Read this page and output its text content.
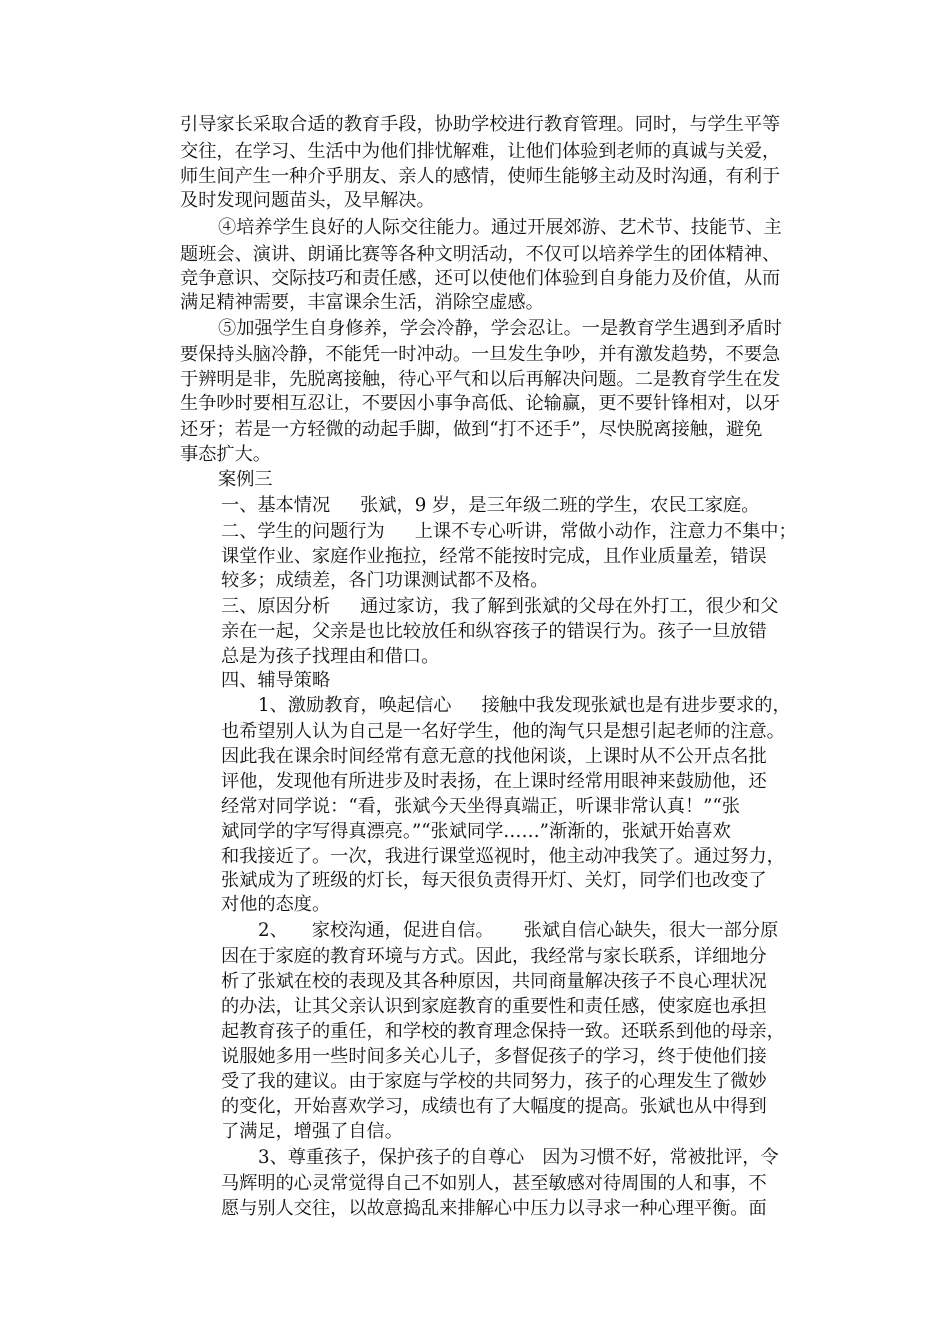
引导家长采取合适的教育手段，协助学校进行教育管理。同时，与学生平等
交往，在学习、生活中为他们排忧解难，让他们体验到老师的真诚与关爱，
师生间产生一种介乎朋友、亲人的感情，使师生能够主动及时沟通，有利于
及时发现问题苗头，及早解决。
④培养学生良好的人际交往能力。通过开展郊游、艺术节、技能节、主
题班会、演讲、朗诵比赛等各种文明活动，不仅可以培养学生的团体精神、
竞争意识、交际技巧和责任感，还可以使他们体验到自身能力及价值，从而
满足精神需要，丰富课余生活，消除空虚感。
⑤加强学生自身修养，学会冷静，学会忍让。一是教育学生遇到矛盾时
要保持头脑冷静，不能凭一时冲动。一旦发生争吵，并有激发趋势，不要急
于辨明是非，先脱离接触，待心平气和以后再解决问题。二是教育学生在发
生争吵时要相互忍让，不要因小事争高低、论输赢，更不要针锋相对，以牙
还牙；若是一方轻微的动起手脚，做到“打不还手”，尽快脱离接触，避免
事态扩大。
案例三
一、基本情况 张斌，9 岁，是三年级二班的学生，农民工家庭。
二、学生的问题行为 上课不专心听讲，常做小动作，注意力不集中；
课堂作业、家庭作业拖拉，经常不能按时完成，且作业质量差，错误
较多；成绩差，各门功课测试都不及格。
三、原因分析 通过家访，我了解到张斌的父母在外打工，很少和父
亲在一起，父亲是也比较放任和纵容孩子的错误行为。孩子一旦放错
总是为孩子找理由和借口。
四、辅导策略
1、激励教育，唤起信心 接触中我发现张斌也是有进步要求的，
也希望别人认为自己是一名好学生，他的淘气只是想引起老师的注意。
因此我在课余时间经常有意无意的找他闲谈，上课时从不公开点名批
评他，发现他有所进步及时表扬，在上课时经常用眼神来鼓励他，还
经常对同学说：“看，张斌今天坐得真端正，听课非常认真！”“张
斌同学的字写得真漂亮。”“张斌同学……”渐渐的，张斌开始喜欢
和我接近了。一次，我进行课堂巡视时，他主动冲我笑了。通过努力，
张斌成为了班级的灯长，每天很负责得开灯、关灯，同学们也改变了
对他的态度。
2、 家校沟通，促进自信。 张斌自信心缺失，很大一部分原
因在于家庭的教育环境与方式。因此，我经常与家长联系，详细地分
析了张斌在校的表现及其各种原因，共同商量解决孩子不良心理状况
的办法，让其父亲认识到家庭教育的重要性和责任感，使家庭也承担
起教育孩子的重任，和学校的教育理念保持一致。还联系到他的母亲，
说服她多用一些时间多关心儿子，多督促孩子的学习，终于使他们接
受了我的建议。由于家庭与学校的共同努力，孩子的心理发生了微妙
的变化，开始喜欢学习，成绩也有了大幅度的提高。张斌也从中得到
了满足，增强了自信。
3、尊重孩子，保护孩子的自尊心 因为习惯不好，常被批评，令
马辉明的心灵常觉得自己不如别人，甚至敏感对待周围的人和事，不
愿与别人交往，以故意捣乱来排解心中压力以寻求一种心理平衡。面
